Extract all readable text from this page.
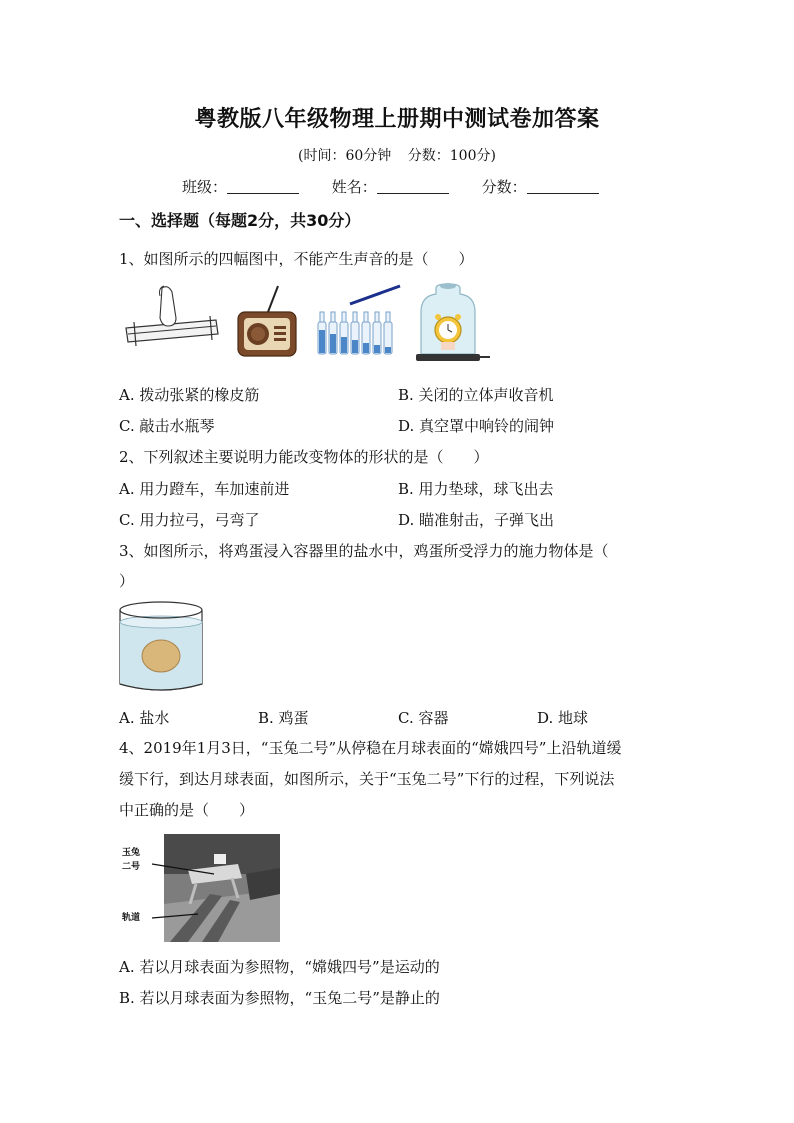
粤教版八年级物理上册期中测试卷加答案
(时间：60分钟 分数：100分)
班级：	姓名：	分数：
一、选择题（每题2分，共30分）
1、如图所示的四幅图中，不能产生声音的是（　　）
A. 拨动张紧的橡皮筋	B. 关闭的立体声收音机
C. 敲击水瓶琴	D. 真空罩中响铃的闹钟
2、下列叙述主要说明力能改变物体的形状的是（　　）
A. 用力蹬车，车加速前进	B. 用力垫球，球飞出去
C. 用力拉弓，弓弯了	D. 瞄准射击，子弹飞出
3、如图所示，将鸡蛋浸入容器里的盐水中，鸡蛋所受浮力的施力物体是（
）
A. 盐水	B. 鸡蛋	C. 容器	D. 地球
4、2019年1月3日，“玉兔二号”从停稳在月球表面的“嫦娥四号”上沿轨道缓
缓下行，到达月球表面，如图所示，关于“玉兔二号”下行的过程，下列说法
中正确的是（　　）
玉兔
二号
轨道
A. 若以月球表面为参照物，“嫦娥四号”是运动的
B. 若以月球表面为参照物，“玉兔二号”是静止的
